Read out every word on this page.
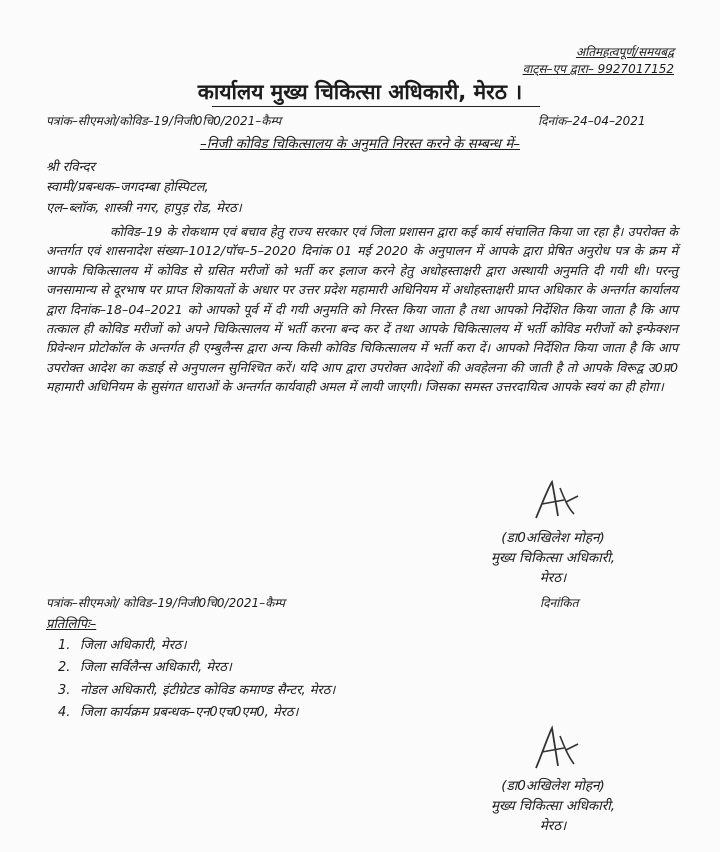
अतिमहत्वपूर्ण/समयबद्व
वाट्स–एप द्वारा– 9927017152
कार्यालय मुख्य चिकित्सा अधिकारी, मेरठ ।
पत्रांक–सीएमओ/कोविड–19/निजी0चि0/2021–कैम्प	दिनांक–24–04–2021
–निजी कोविड चिकित्सालय के अनुमति निरस्त करने के सम्बन्ध में–
श्री रविन्दर
स्वामी/प्रबन्धक–जगदम्बा होस्पिटल,
एल–ब्लॉक, शास्त्री नगर, हापुड़ रोड, मेरठ।
कोविड–19 के रोकथाम एवं बचाव हेतु राज्य सरकार एवं जिला प्रशासन द्वारा कई कार्य संचालित किया जा रहा है। उपरोक्त के अन्तर्गत एवं शासनादेश संख्या–1012/पॉच–5–2020 दिनांक 01 मई 2020 के अनुपालन में आपके द्वारा प्रेषित अनुरोध पत्र के क्रम में आपके चिकित्सालय में कोविड से ग्रसित मरीजों को भर्ती कर इलाज करने हेतु अधोहस्ताक्षरी द्वारा अस्थायी अनुमति दी गयी थी। परन्तु जनसामान्य से दूरभाष पर प्राप्त शिकायतों के अधार पर उत्तर प्रदेश महामारी अधिनियम में अधोहस्ताक्षरी प्राप्त अधिकार के अन्तर्गत कार्यालय द्वारा दिनांक–18–04–2021 को आपको पूर्व में दी गयी अनुमति को निरस्त किया जाता है तथा आपको निर्देशित किया जाता है कि आप तत्काल ही कोविड मरीजों को अपने चिकित्सालय में भर्ती करना बन्द कर दें तथा आपके चिकित्सालय में भर्ती कोविड मरीजों को इन्फेक्शन प्रिवेन्शन प्रोटोकॉल के अन्तर्गत ही एम्बुलैन्स द्वारा अन्य किसी कोविड चिकित्सालय में भर्ती करा दें। आपको निर्देशित किया जाता है कि आप उपरोक्त आदेश का कडाई से अनुपालन सुनिश्चित करें। यदि आप द्वारा उपरोक्त आदेशों की अवहेलना की जाती है तो आपके विरूद्व उ0प्र0 महामारी अधिनियम के सुसंगत धाराओं के अन्तर्गत कार्यवाही अमल में लायी जाएगी। जिसका समस्त उत्तरदायित्व आपके स्वयं का ही होगा।
(डा0अखिलेश मोहन)
मुख्य चिकित्सा अधिकारी,
मेरठ।
पत्रांक–सीएमओ/ कोविड–19/निजी0चि0/2021–कैम्प	दिनांकित
प्रतिलिपिः–
1. जिला अधिकारी, मेरठ।
2. जिला सर्विलैन्स अधिकारी, मेरठ।
3. नोडल अधिकारी, इंटीग्रेटड कोविड कमाण्ड सैन्टर, मेरठ।
4. जिला कार्यक्रम प्रबन्धक–एन0एच0एम0, मेरठ।
(डा0अखिलेश मोहन)
मुख्य चिकित्सा अधिकारी,
मेरठ।
